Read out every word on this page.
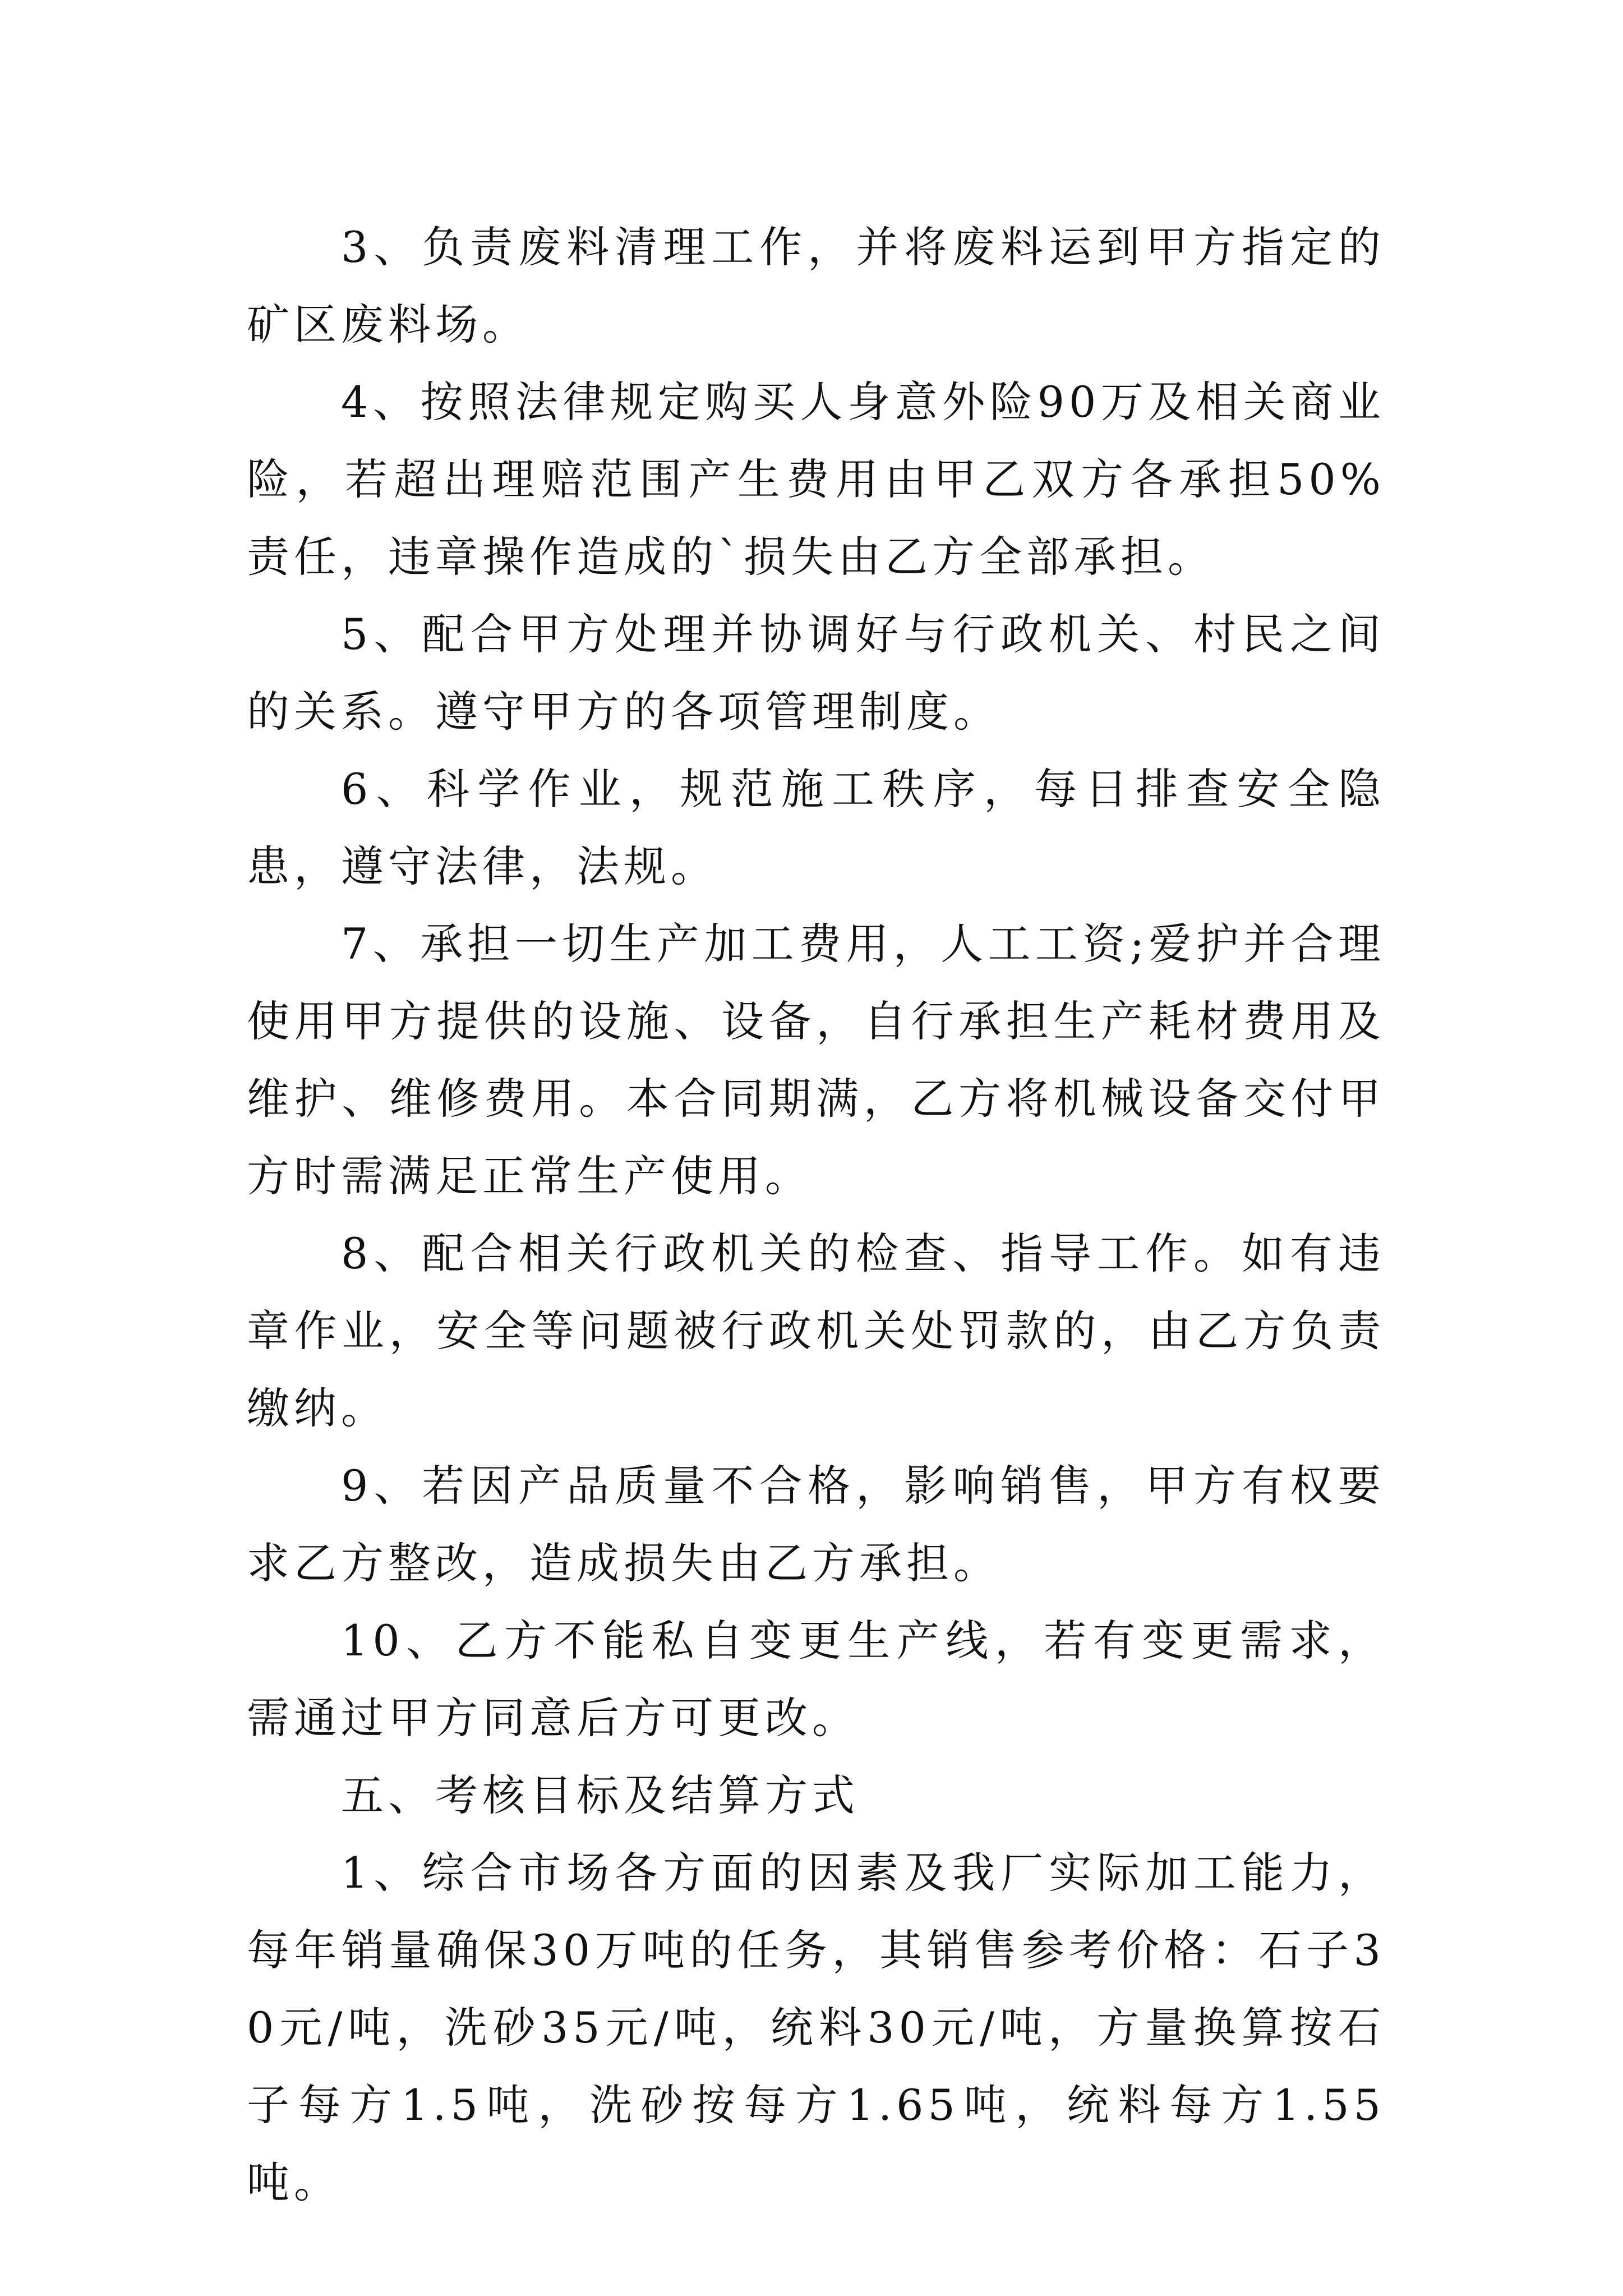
3、负责废料清理工作，并将废料运到甲方指定的矿区废料场。

4、按照法律规定购买人身意外险90万及相关商业险，若超出理赔范围产生费用由甲乙双方各承担50%责任，违章操作造成的`损失由乙方全部承担。

5、配合甲方处理并协调好与行政机关、村民之间的关系。遵守甲方的各项管理制度。

6、科学作业，规范施工秩序，每日排查安全隐患，遵守法律，法规。

7、承担一切生产加工费用，人工工资;爱护并合理使用甲方提供的设施、设备，自行承担生产耗材费用及维护、维修费用。本合同期满，乙方将机械设备交付甲方时需满足正常生产使用。

8、配合相关行政机关的检查、指导工作。如有违章作业，安全等问题被行政机关处罚款的，由乙方负责缴纳。

9、若因产品质量不合格，影响销售，甲方有权要求乙方整改，造成损失由乙方承担。

10、乙方不能私自变更生产线，若有变更需求，需通过甲方同意后方可更改。

五、考核目标及结算方式

1、综合市场各方面的因素及我厂实际加工能力，每年销量确保30万吨的任务，其销售参考价格：石子30元/吨，洗砂35元/吨，统料30元/吨，方量换算按石子每方1.5吨，洗砂按每方1.65吨，统料每方1.55吨。
